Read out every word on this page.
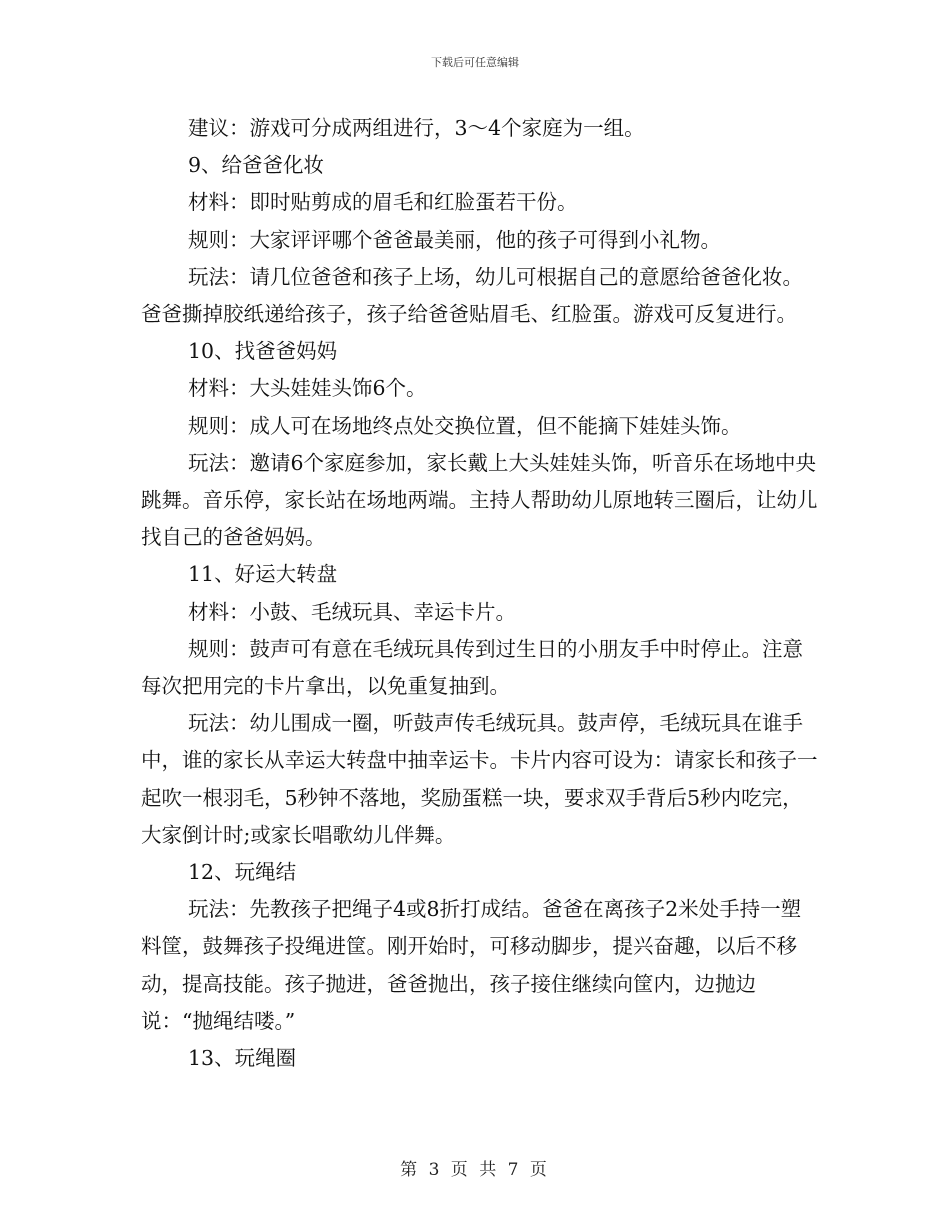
下载后可任意编辑

建议：游戏可分成两组进行，3～4个家庭为一组。

9、给爸爸化妆

材料：即时贴剪成的眉毛和红脸蛋若干份。

规则：大家评评哪个爸爸最美丽，他的孩子可得到小礼物。

玩法：请几位爸爸和孩子上场，幼儿可根据自己的意愿给爸爸化妆。爸爸撕掉胶纸递给孩子，孩子给爸爸贴眉毛、红脸蛋。游戏可反复进行。

10、找爸爸妈妈

材料：大头娃娃头饰6个。

规则：成人可在场地终点处交换位置，但不能摘下娃娃头饰。

玩法：邀请6个家庭参加，家长戴上大头娃娃头饰，听音乐在场地中央跳舞。音乐停，家长站在场地两端。主持人帮助幼儿原地转三圈后，让幼儿找自己的爸爸妈妈。

11、好运大转盘

材料：小鼓、毛绒玩具、幸运卡片。

规则：鼓声可有意在毛绒玩具传到过生日的小朋友手中时停止。注意每次把用完的卡片拿出，以免重复抽到。

玩法：幼儿围成一圈，听鼓声传毛绒玩具。鼓声停，毛绒玩具在谁手中，谁的家长从幸运大转盘中抽幸运卡。卡片内容可设为：请家长和孩子一起吹一根羽毛，5秒钟不落地，奖励蛋糕一块，要求双手背后5秒内吃完，大家倒计时;或家长唱歌幼儿伴舞。

12、玩绳结

玩法：先教孩子把绳子4或8折打成结。爸爸在离孩子2米处手持一塑料筐，鼓舞孩子投绳进筐。刚开始时，可移动脚步，提兴奋趣，以后不移动，提高技能。孩子抛进，爸爸抛出，孩子接住继续向筐内，边抛边说：“抛绳结喽。”

13、玩绳圈

第 3 页 共 7 页
